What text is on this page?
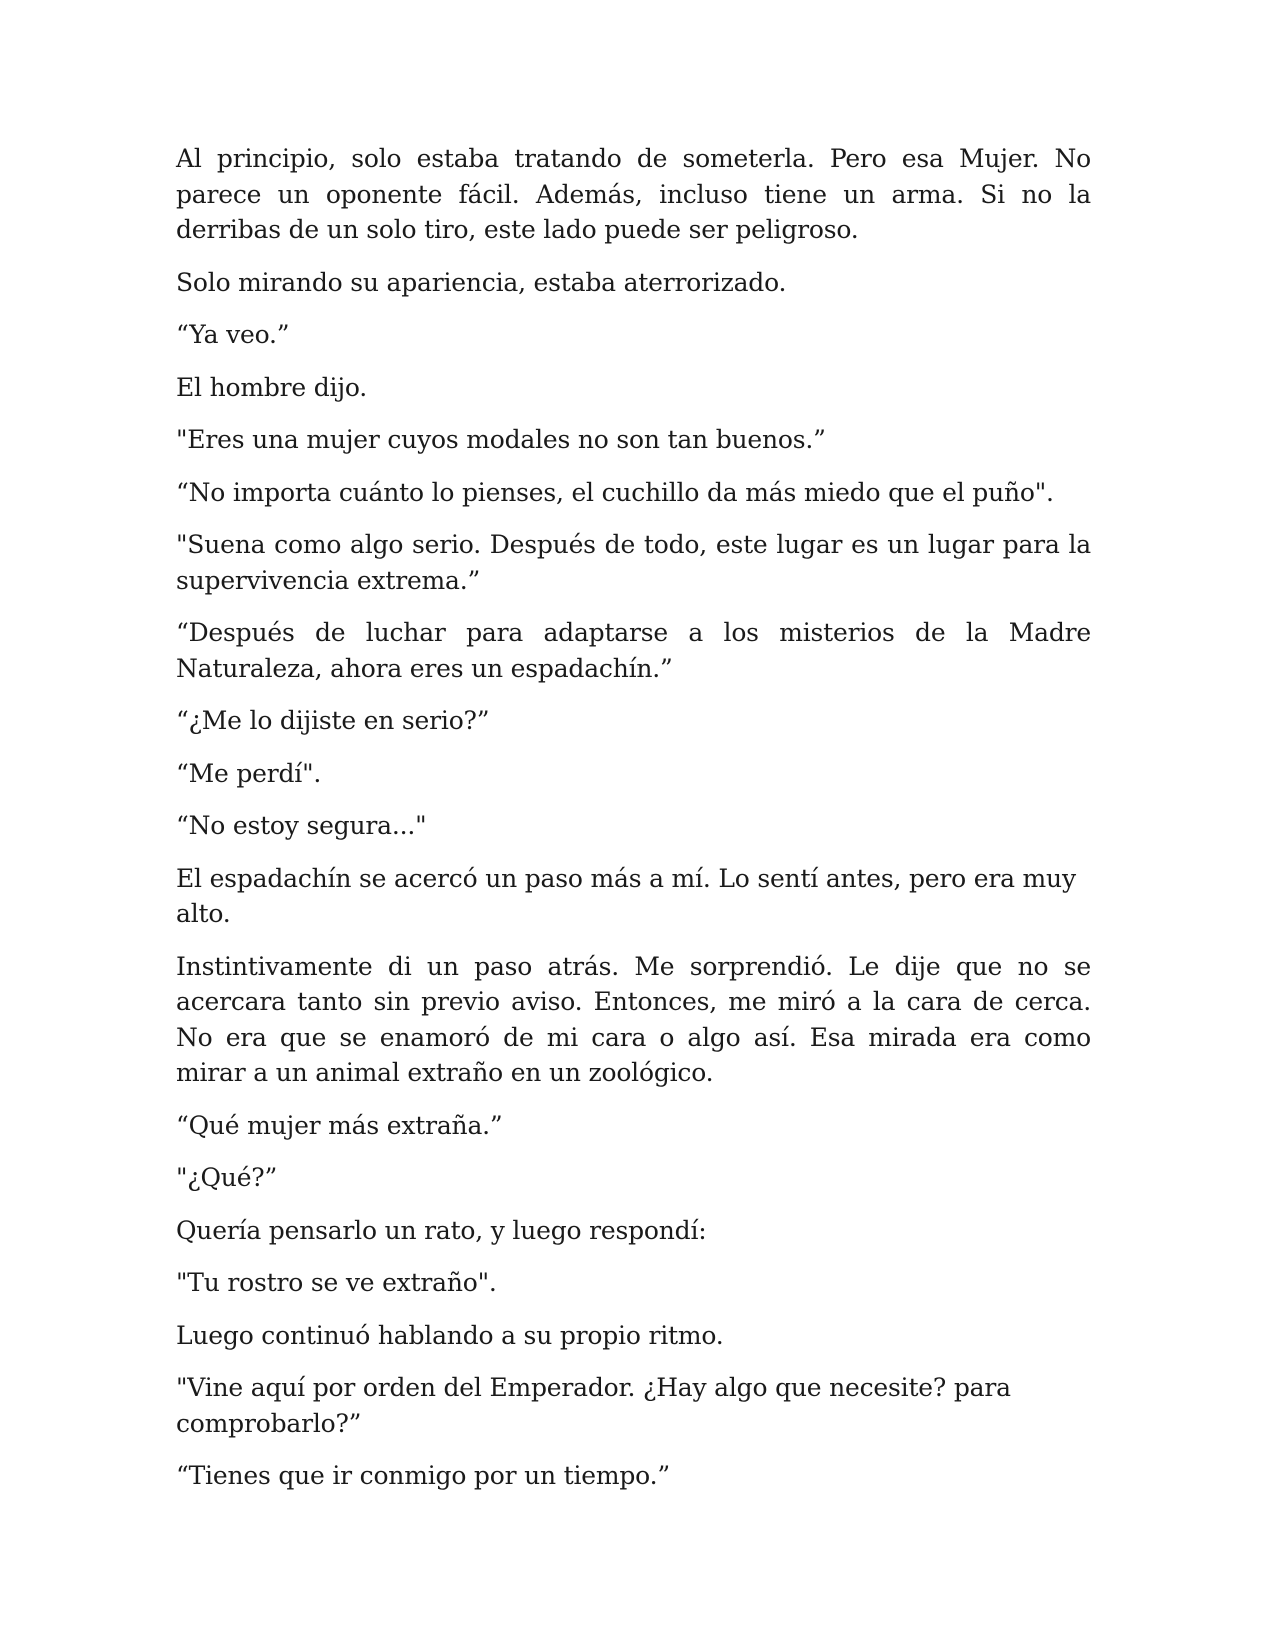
Al principio, solo estaba tratando de someterla. Pero esa Mujer. No parece un oponente fácil. Además, incluso tiene un arma. Si no la derribas de un solo tiro, este lado puede ser peligroso.

Solo mirando su apariencia, estaba aterrorizado.

“Ya veo.”

El hombre dijo.

"Eres una mujer cuyos modales no son tan buenos.”

“No importa cuánto lo pienses, el cuchillo da más miedo que el puño".

"Suena como algo serio. Después de todo, este lugar es un lugar para la supervivencia extrema.”

“Después de luchar para adaptarse a los misterios de la Madre Naturaleza, ahora eres un espadachín.”

“¿Me lo dijiste en serio?”

“Me perdí".

“No estoy segura..."

El espadachín se acercó un paso más a mí. Lo sentí antes, pero era muy alto.

Instintivamente di un paso atrás. Me sorprendió. Le dije que no se acercara tanto sin previo aviso. Entonces, me miró a la cara de cerca. No era que se enamoró de mi cara o algo así. Esa mirada era como mirar a un animal extraño en un zoológico.

“Qué mujer más extraña.”

"¿Qué?”

Quería pensarlo un rato, y luego respondí:

"Tu rostro se ve extraño".

Luego continuó hablando a su propio ritmo.

"Vine aquí por orden del Emperador. ¿Hay algo que necesite? para comprobarlo?”

“Tienes que ir conmigo por un tiempo.”
